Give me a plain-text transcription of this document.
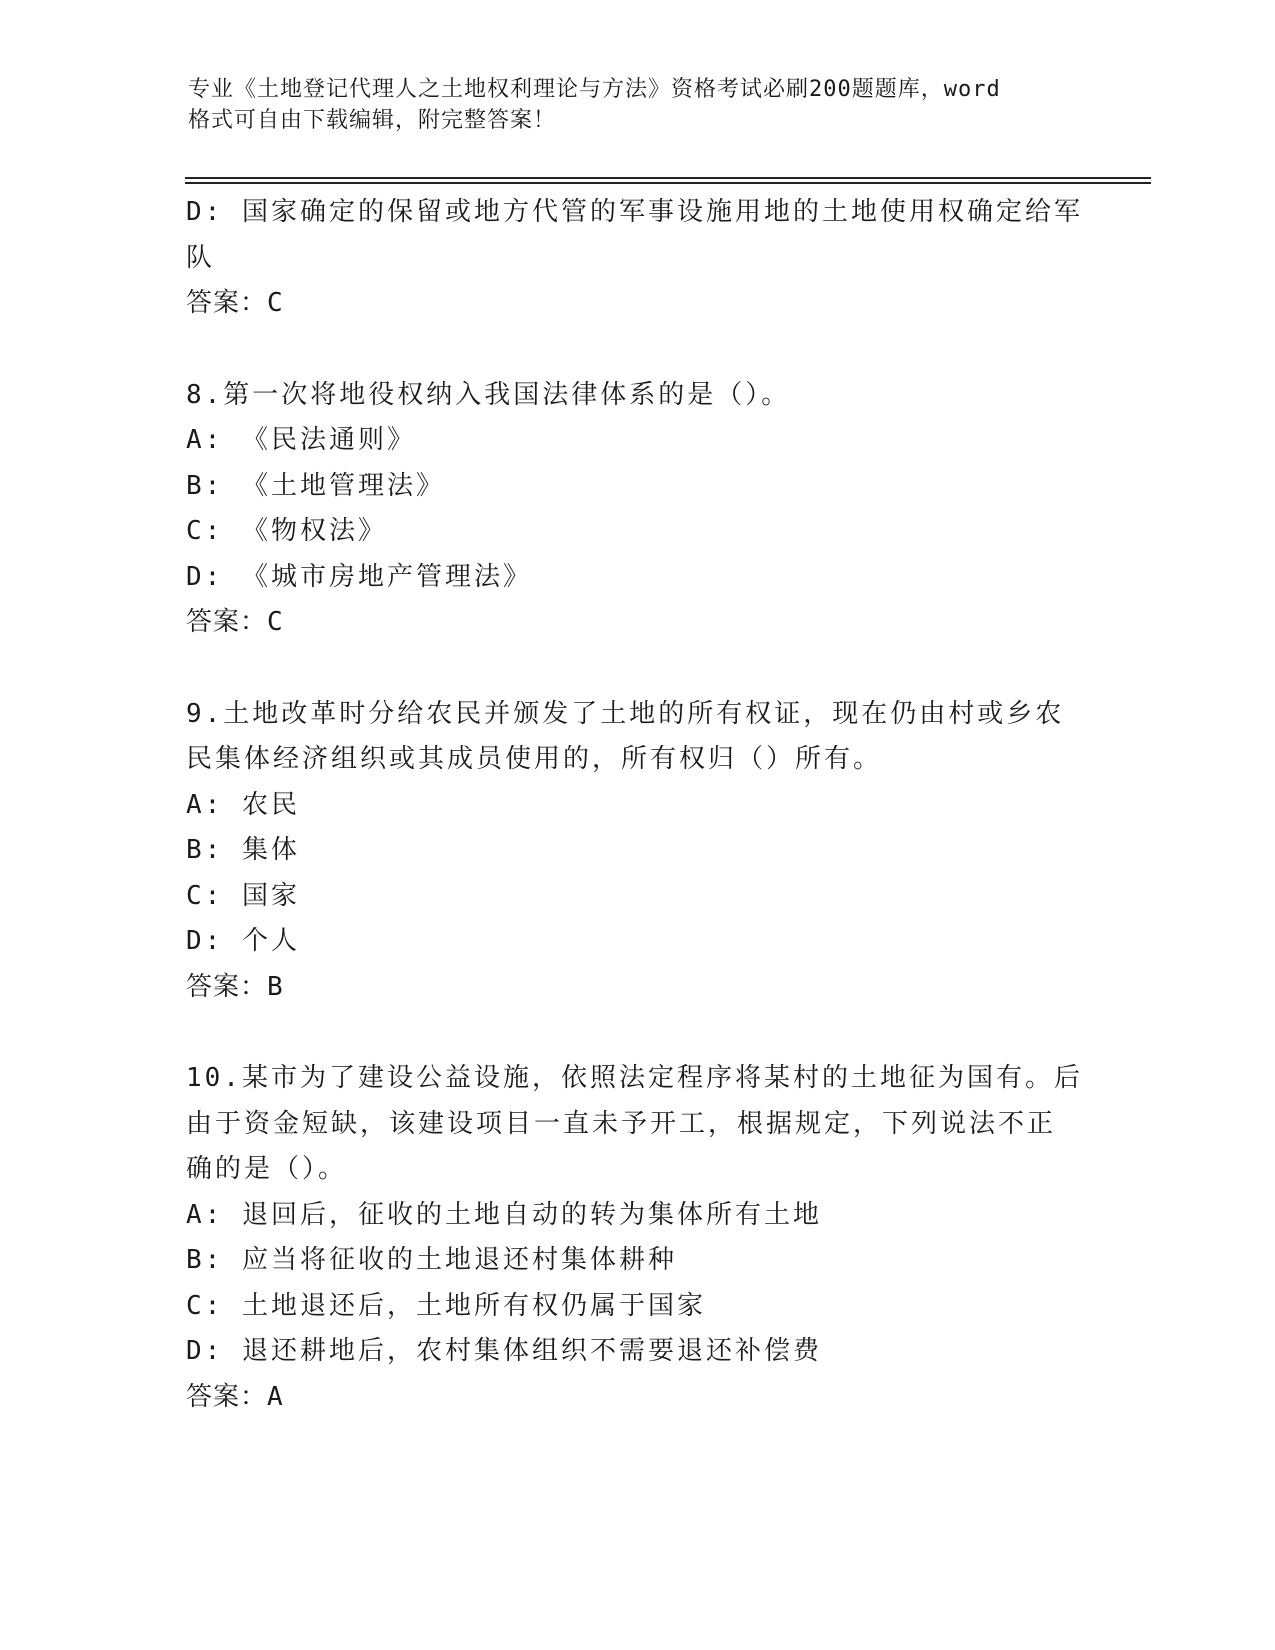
专业《土地登记代理人之土地权利理论与方法》资格考试必刷200题题库，word
格式可自由下载编辑，附完整答案！
D: 国家确定的保留或地方代管的军事设施用地的土地使用权确定给军
队
答案：C
8.第一次将地役权纳入我国法律体系的是（）。
A: 《民法通则》
B: 《土地管理法》
C: 《物权法》
D: 《城市房地产管理法》
答案：C
9.土地改革时分给农民并颁发了土地的所有权证，现在仍由村或乡农
民集体经济组织或其成员使用的，所有权归（）所有。
A: 农民
B: 集体
C: 国家
D: 个人
答案：B
10.某市为了建设公益设施，依照法定程序将某村的土地征为国有。后
由于资金短缺，该建设项目一直未予开工，根据规定，下列说法不正
确的是（）。
A: 退回后，征收的土地自动的转为集体所有土地
B: 应当将征收的土地退还村集体耕种
C: 土地退还后，土地所有权仍属于国家
D: 退还耕地后，农村集体组织不需要退还补偿费
答案：A
